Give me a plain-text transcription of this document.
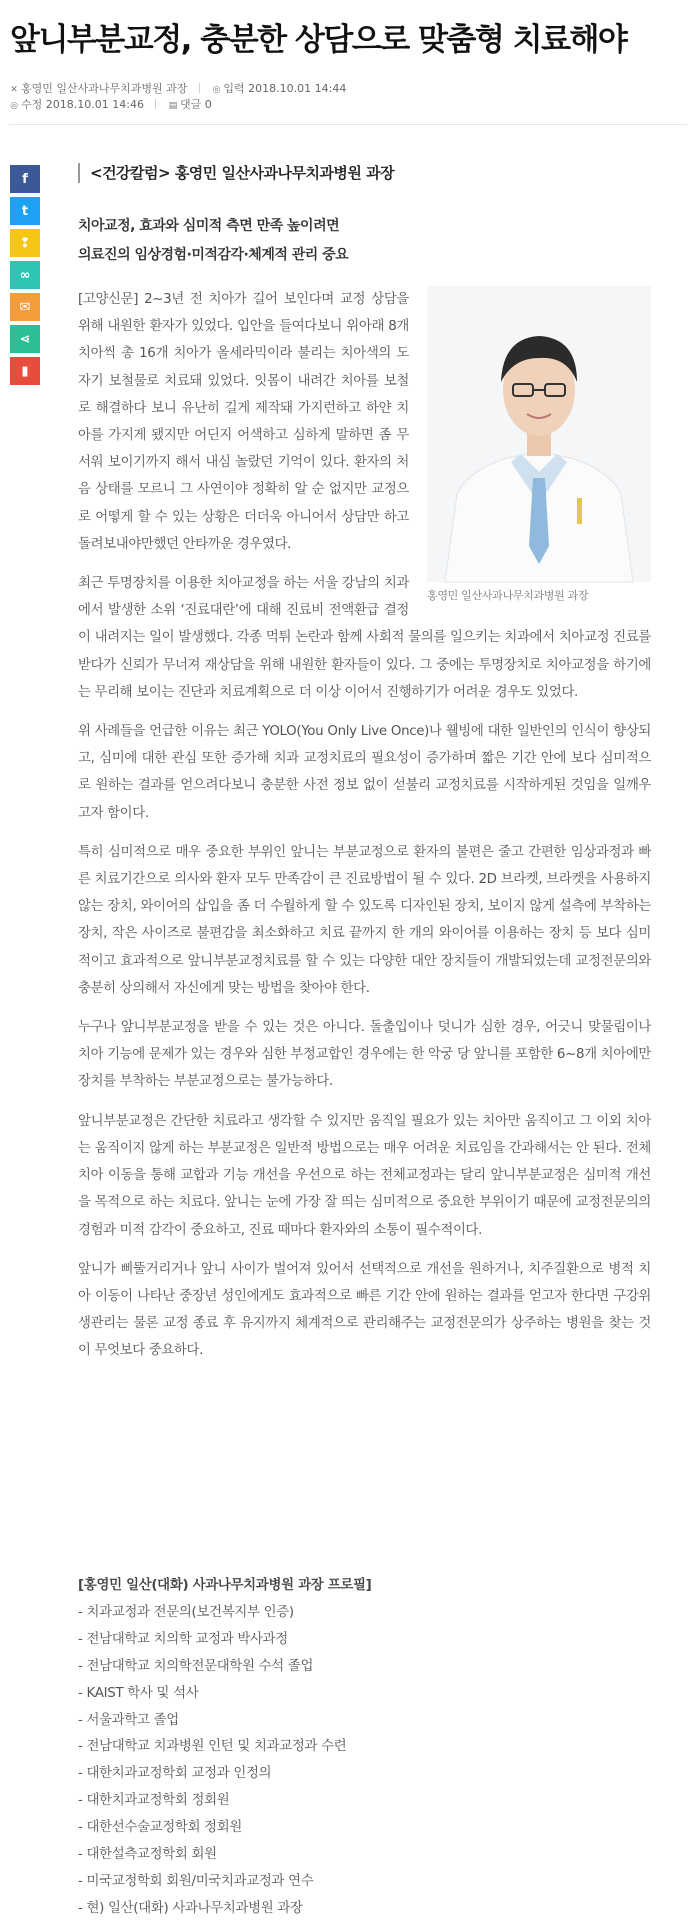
앞니부분교정, 충분한 상담으로 맞춤형 치료해야
✕ 홍영민 일산사과나무치과병원 과장	◎ 입력 2018.10.01 14:44
◎ 수정 2018.10.01 14:46	▤ 댓글 0
f
t
❢
∞
✉
⋖
▮
<건강칼럼> 홍영민 일산사과나무치과병원 과장
치아교정, 효과와 심미적 측면 만족 높이려면
의료진의 임상경험·미적감각·체계적 관리 중요
홍영민 일산사과나무치과병원 과장

[고양신문] 2~3년 전 치아가 길어 보인다며 교정 상담을 위해 내원한 환자가 있었다. 입안을 들여다보니 위아래 8개 치아씩 총 16개 치아가 올세라믹이라 불리는 치아색의 도자기 보철물로 치료돼 있었다. 잇몸이 내려간 치아를 보철로 해결하다 보니 유난히 길게 제작돼 가지런하고 하얀 치아를 가지게 됐지만 어딘지 어색하고 심하게 말하면 좀 무서워 보이기까지 해서 내심 놀랐던 기억이 있다. 환자의 처음 상태를 모르니 그 사연이야 정확히 알 순 없지만 교정으로 어떻게 할 수 있는 상황은 더더욱 아니어서 상담만 하고 돌려보내야만했던 안타까운 경우였다.

최근 투명장치를 이용한 치아교정을 하는 서울 강남의 치과에서 발생한 소위 ‘진료대란’에 대해 진료비 전액환급 결정이 내려지는 일이 발생했다. 각종 먹튀 논란과 함께 사회적 물의를 일으키는 치과에서 치아교정 진료를 받다가 신뢰가 무너져 재상담을 위해 내원한 환자들이 있다. 그 중에는 투명장치로 치아교정을 하기에는 무리해 보이는 진단과 치료계획으로 더 이상 이어서 진행하기가 어려운 경우도 있었다.

위 사례들을 언급한 이유는 최근 YOLO(You Only Live Once)나 웰빙에 대한 일반인의 인식이 향상되고, 심미에 대한 관심 또한 증가해 치과 교정치료의 필요성이 증가하며 짧은 기간 안에 보다 심미적으로 원하는 결과를 얻으려다보니 충분한 사전 정보 없이 섣불리 교정치료를 시작하게된 것임을 일깨우고자 함이다.

특히 심미적으로 매우 중요한 부위인 앞니는 부분교정으로 환자의 불편은 줄고 간편한 임상과정과 빠른 치료기간으로 의사와 환자 모두 만족감이 큰 진료방법이 될 수 있다. 2D 브라켓, 브라켓을 사용하지 않는 장치, 와이어의 삽입을 좀 더 수월하게 할 수 있도록 디자인된 장치, 보이지 않게 설측에 부착하는 장치, 작은 사이즈로 불편감을 최소화하고 치료 끝까지 한 개의 와이어를 이용하는 장치 등 보다 심미적이고 효과적으로 앞니부분교정치료를 할 수 있는 다양한 대안 장치들이 개발되었는데 교정전문의와 충분히 상의해서 자신에게 맞는 방법을 찾아야 한다.

누구나 앞니부분교정을 받을 수 있는 것은 아니다. 돌출입이나 덧니가 심한 경우, 어긋니 맞물림이나 치아 기능에 문제가 있는 경우와 심한 부정교합인 경우에는 한 악궁 당 앞니를 포함한 6~8개 치아에만 장치를 부착하는 부분교정으로는 불가능하다.

앞니부분교정은 간단한 치료라고 생각할 수 있지만 움직일 필요가 있는 치아만 움직이고 그 이외 치아는 움직이지 않게 하는 부분교정은 일반적 방법으로는 매우 어려운 치료임을 간과해서는 안 된다. 전체 치아 이동을 통해 교합과 기능 개선을 우선으로 하는 전체교정과는 달리 앞니부분교정은 심미적 개선을 목적으로 하는 치료다. 앞니는 눈에 가장 잘 띄는 심미적으로 중요한 부위이기 때문에 교정전문의의 경험과 미적 감각이 중요하고, 진료 때마다 환자와의 소통이 필수적이다.

앞니가 삐뚤거리거나 앞니 사이가 벌어져 있어서 선택적으로 개선을 원하거나, 치주질환으로 병적 치아 이동이 나타난 중장년 성인에게도 효과적으로 빠른 기간 안에 원하는 결과를 얻고자 한다면 구강위생관리는 물론 교정 종료 후 유지까지 체계적으로 관리해주는 교정전문의가 상주하는 병원을 찾는 것이 무엇보다 중요하다.

[홍영민 일산(대화) 사과나무치과병원 과장 프로필]
- 치과교정과 전문의(보건복지부 인증)
- 전남대학교 치의학 교정과 박사과정
- 전남대학교 치의학전문대학원 수석 졸업
- KAIST 학사 및 석사
- 서울과학고 졸업
- 전남대학교 치과병원 인턴 및 치과교정과 수련
- 대한치과교정학회 교정과 인정의
- 대한치과교정학회 정회원
- 대한선수술교정학회 정회원
- 대한설측교정학회 회원
- 미국교정학회 회원/미국치과교정과 연수
- 현) 일산(대화) 사과나무치과병원 과장
